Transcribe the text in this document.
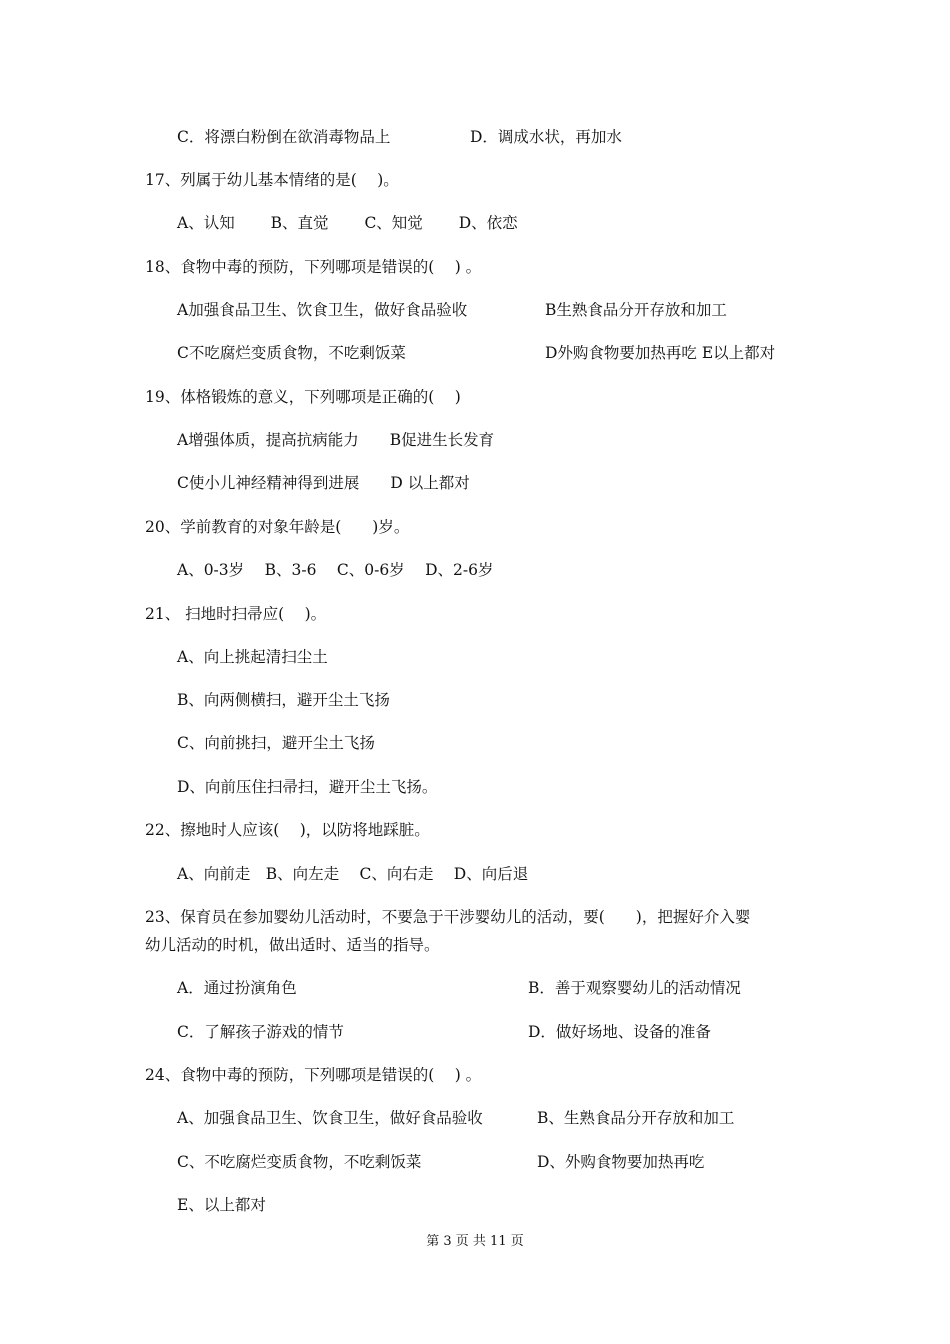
C．将漂白粉倒在欲消毒物品上	D．调成水状，再加水
17、列属于幼儿基本情绪的是(　 )。
A、认知　　 B、直觉　　 C、知觉　　 D、依恋
18、食物中毒的预防，下列哪项是错误的(　 ) 。
A加强食品卫生、饮食卫生，做好食品验收	B生熟食品分开存放和加工
C不吃腐烂变质食物，不吃剩饭菜	D外购食物要加热再吃 E以上都对
19、体格锻炼的意义，下列哪项是正确的(　 )
A增强体质，提高抗病能力　　B促进生长发育
C使小儿神经精神得到进展　　D 以上都对
20、学前教育的对象年龄是(　　)岁。
A、0-3岁　 B、3-6　 C、0-6岁　 D、2-6岁
21、 扫地时扫帚应(　 )。
A、向上挑起清扫尘土
B、向两侧横扫，避开尘土飞扬
C、向前挑扫，避开尘土飞扬
D、向前压住扫帚扫，避开尘土飞扬。
22、擦地时人应该(　 )，以防将地踩脏。
A、向前走　B、向左走　 C、向右走　 D、向后退
23、保育员在参加婴幼儿活动时，不要急于干涉婴幼儿的活动，要(　　)，把握好介入婴
幼儿活动的时机，做出适时、适当的指导。
A．通过扮演角色	B．善于观察婴幼儿的活动情况
C．了解孩子游戏的情节	D．做好场地、设备的准备
24、食物中毒的预防，下列哪项是错误的(　 ) 。
A、加强食品卫生、饮食卫生，做好食品验收	B、生熟食品分开存放和加工
C、不吃腐烂变质食物，不吃剩饭菜	D、外购食物要加热再吃
E、以上都对
第 3 页 共 11 页
